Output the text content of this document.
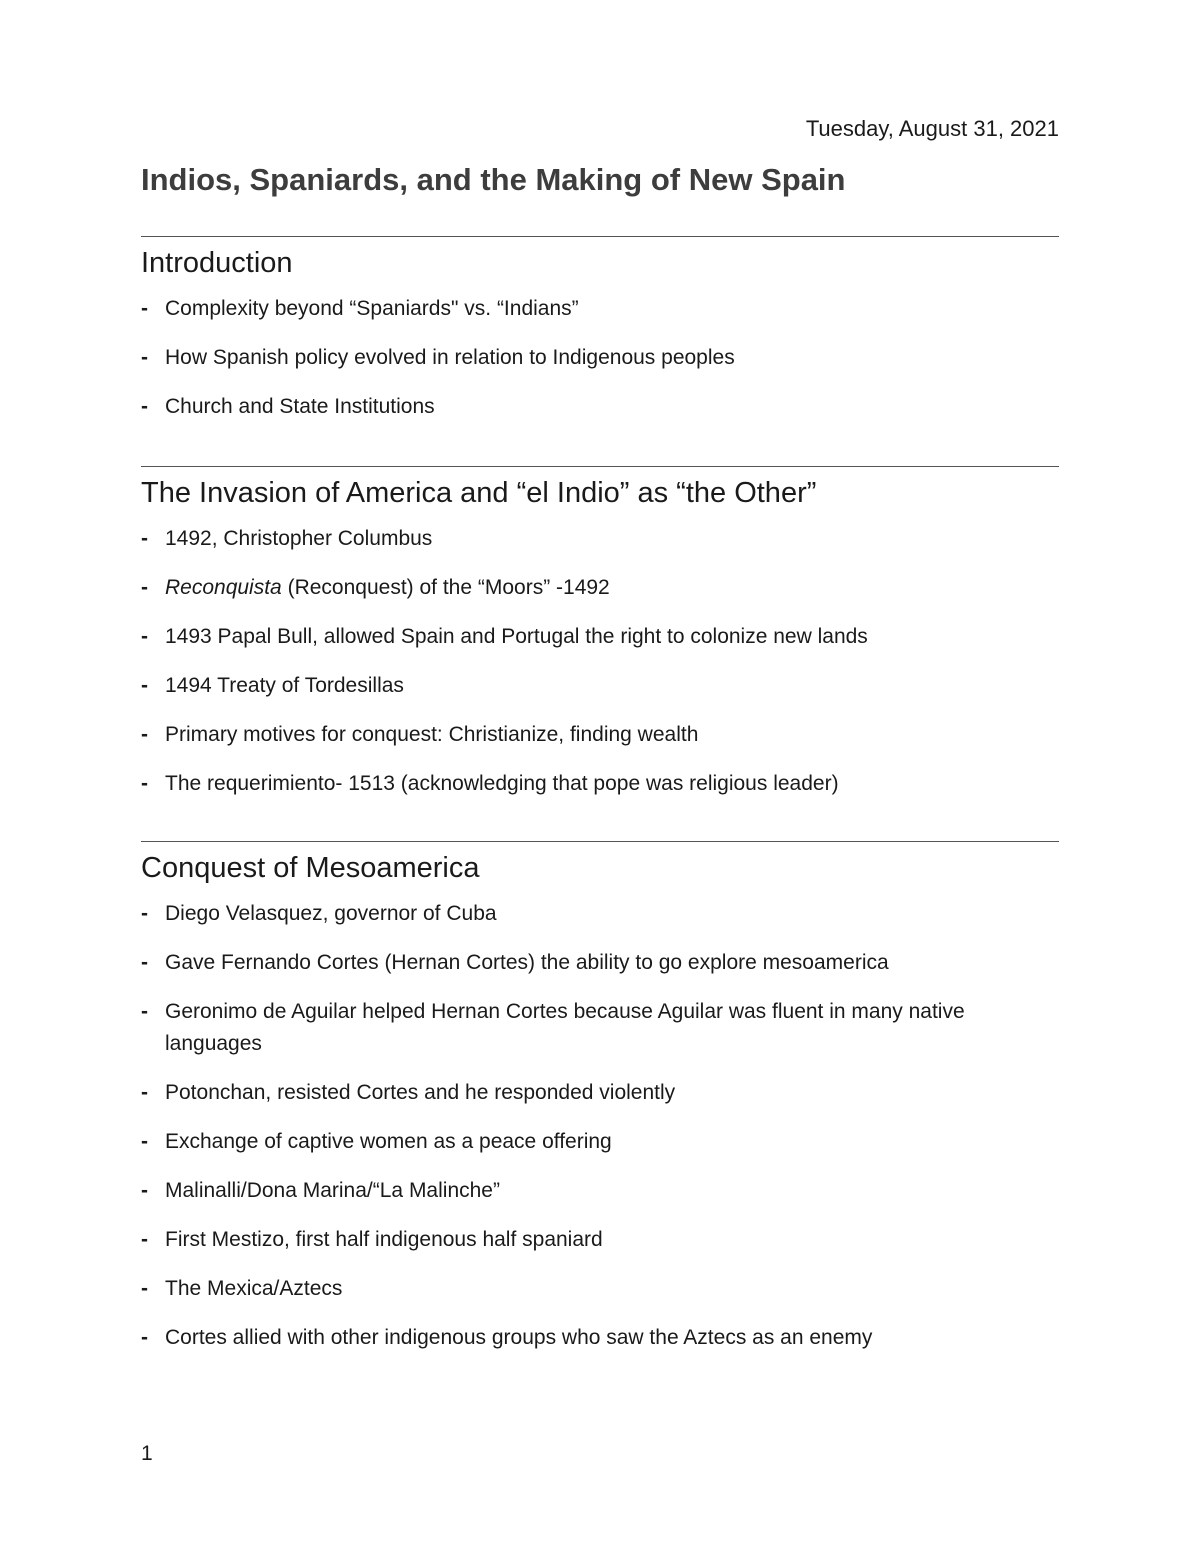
Tuesday, August 31, 2021
Indios, Spaniards, and the Making of New Spain
Introduction
- Complexity beyond “Spaniards" vs. “Indians”
- How Spanish policy evolved in relation to Indigenous peoples
- Church and State Institutions
The Invasion of America and “el Indio” as “the Other”
- 1492, Christopher Columbus
- Reconquista (Reconquest) of the “Moors” -1492
- 1493 Papal Bull, allowed Spain and Portugal the right to colonize new lands
- 1494 Treaty of Tordesillas
- Primary motives for conquest: Christianize, finding wealth
- The requerimiento- 1513 (acknowledging that pope was religious leader)
Conquest of Mesoamerica
- Diego Velasquez, governor of Cuba
- Gave Fernando Cortes (Hernan Cortes) the ability to go explore mesoamerica
- Geronimo de Aguilar helped Hernan Cortes because Aguilar was fluent in many native languages
- Potonchan, resisted Cortes and he responded violently
- Exchange of captive women as a peace offering
- Malinalli/Dona Marina/“La Malinche”
- First Mestizo, first half indigenous half spaniard
- The Mexica/Aztecs
- Cortes allied with other indigenous groups who saw the Aztecs as an enemy
1
